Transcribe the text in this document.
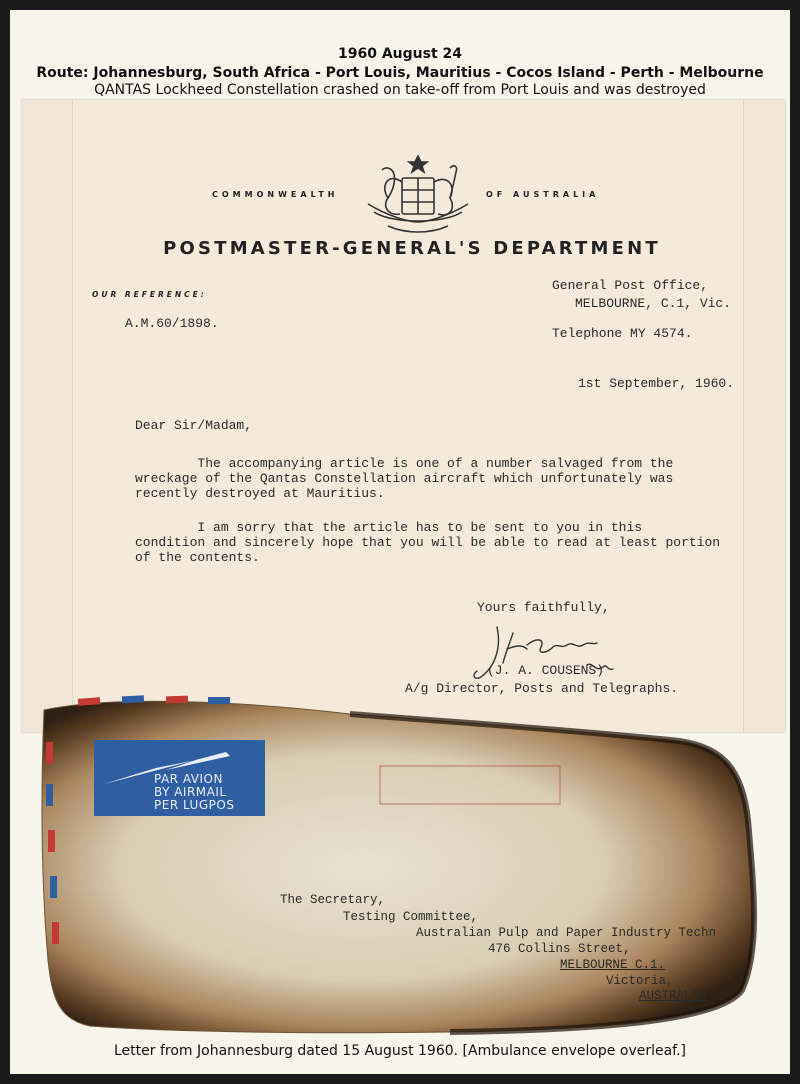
1960 August 24
Route: Johannesburg, South Africa - Port Louis, Mauritius - Cocos Island - Perth - Melbourne
QANTAS Lockheed Constellation crashed on take-off from Port Louis and was destroyed
COMMONWEALTH	OF AUSTRALIA
POSTMASTER-GENERAL'S DEPARTMENT
OUR REFERENCE:
A.M.60/1898.
General Post Office,
MELBOURNE, C.1, Vic.
Telephone MY 4574.
1st September, 1960.
Dear Sir/Madam,
The accompanying article is one of a number salvaged from the
wreckage of the Qantas Constellation aircraft which unfortunately was
recently destroyed at Mauritius.
I am sorry that the article has to be sent to you in this
condition and sincerely hope that you will be able to read at least portion
of the contents.
Yours faithfully,
(J. A. COUSENS)
A/g Director, Posts and Telegraphs.
PAR AVION
BY AIRMAIL
PER LUGPOS
The Secretary,
Testing Committee,
Australian Pulp and Paper Industry Techn
476 Collins Street,
MELBOURNE C.1.
Victoria,
AUSTRALIA
Letter from Johannesburg dated 15 August 1960. [Ambulance envelope overleaf.]
